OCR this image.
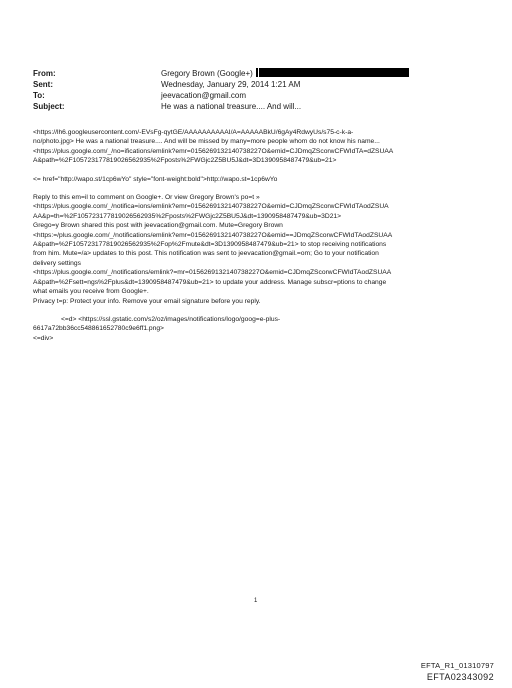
From:	Gregory Brown (Google+)
Sent:	Wednesday, January 29, 2014 1:21 AM
To:	jeevacation@gmail.com
Subject:	He was a national treasure.... And will...
<https://lh6.googleusercontent.com/-EVsFg-qytGE/AAAAAAAAAAI/A=AAAAABkU/6gAy4RdwyUs/s75-c-k-a-
no/photo.jpg> He was a national treasure.... And will be missed by many=more people whom do not know his name...
<https://plus.google.com/_/no=ifications/emlink?emr=0156269132140738227O&emid=CJDmqZScorwCFWIdTA=dZSUAA
A&path=%2F105723177819026562935%2Fposts%2FWGjc2Z5BU5J&dt=3D1390958487479&ub=21>
<= href="http://wapo.st/1cp6wYo" style="font-weight:bold">http://wapo.st=1cp6wYo
Reply to this em=il to comment on Google+. Or view Gregory Brown's po=t »
<https://plus.google.com/_/notifica=ions/emlink?emr=0156269132140738227O&emid=CJDmqZScorwCFWIdTAodZSUA
AA&p=th=%2F105723177819026562935%2Fposts%2FWGjc2Z5BU5J&dt=1390958487479&ub=3D21>
Grego=y Brown shared this post with jeevacation@gmail.com. Mute=Gregory Brown
<https:=/plus.google.com/_/notifications/emlink?emr=0156269132140738227O&emid==JDmqZScorwCFWIdTAodZSUAA
A&path=%2F105723177819026562935%2Fop%2Fmute&dt=3D1390958487479&ub=21> to stop receiving notifications
from him. Mute=/a> updates to this post. This notification was sent to jeevacation@gmail.=om; Go to your notification
delivery settings
<https://plus.google.com/_/notifications/emlink?=mr=0156269132140738227O&emid=CJDmqZScorwCFWIdTAodZSUAA
A&path=%2Fsett=ngs%2Fplus&dt=1390958487479&ub=21> to update your address. Manage subscr=ptions to change
what emails you receive from Google+.
Privacy t=p: Protect your info. Remove your email signature before you reply.
<=d> <https://ssl.gstatic.com/s2/oz/images/notifications/logo/goog=e-plus-
6617a72bb36cc548861652780c9e6ff1.png>
<=div>
1
EFTA_R1_01310797
EFTA02343092
